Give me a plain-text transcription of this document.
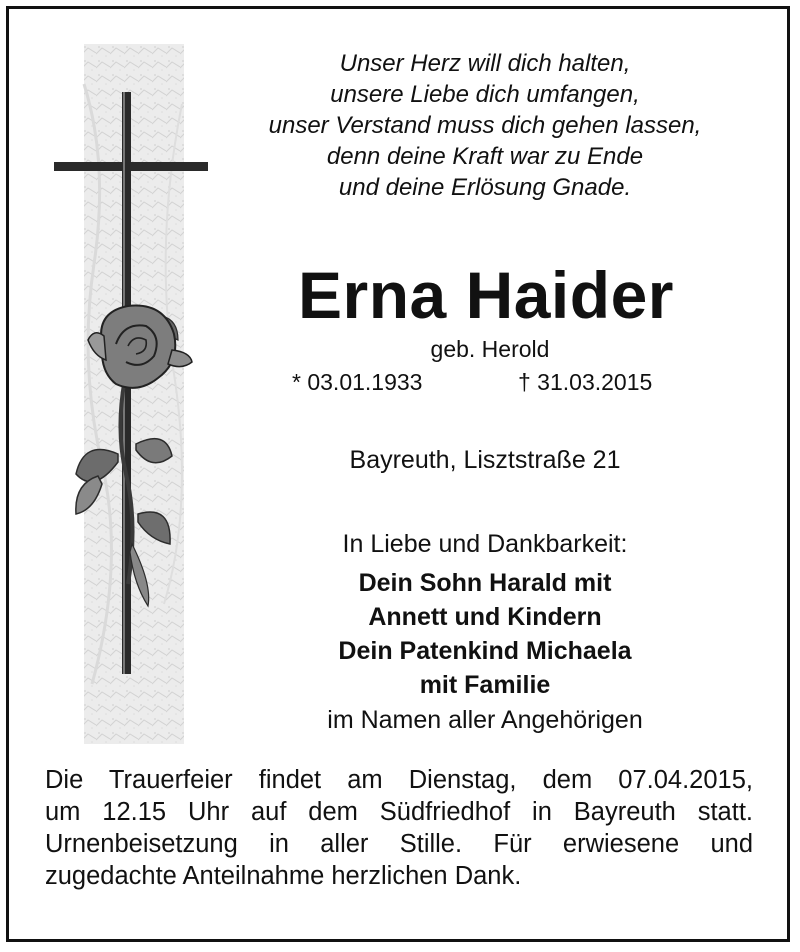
Unser Herz will dich halten,
unsere Liebe dich umfangen,
unser Verstand muss dich gehen lassen,
denn deine Kraft war zu Ende
und deine Erlösung Gnade.
Erna Haider
geb. Herold
* 03.01.1933	† 31.03.2015
Bayreuth, Lisztstraße 21
In Liebe und Dankbarkeit:
Dein Sohn Harald mit
Annett und Kindern
Dein Patenkind Michaela
mit Familie
im Namen aller Angehörigen
Die Trauerfeier findet am Dienstag, dem 07.04.2015,
um 12.15 Uhr auf dem Südfriedhof in Bayreuth statt.
Urnenbeisetzung in aller Stille. Für erwiesene und
zugedachte Anteilnahme herzlichen Dank.
